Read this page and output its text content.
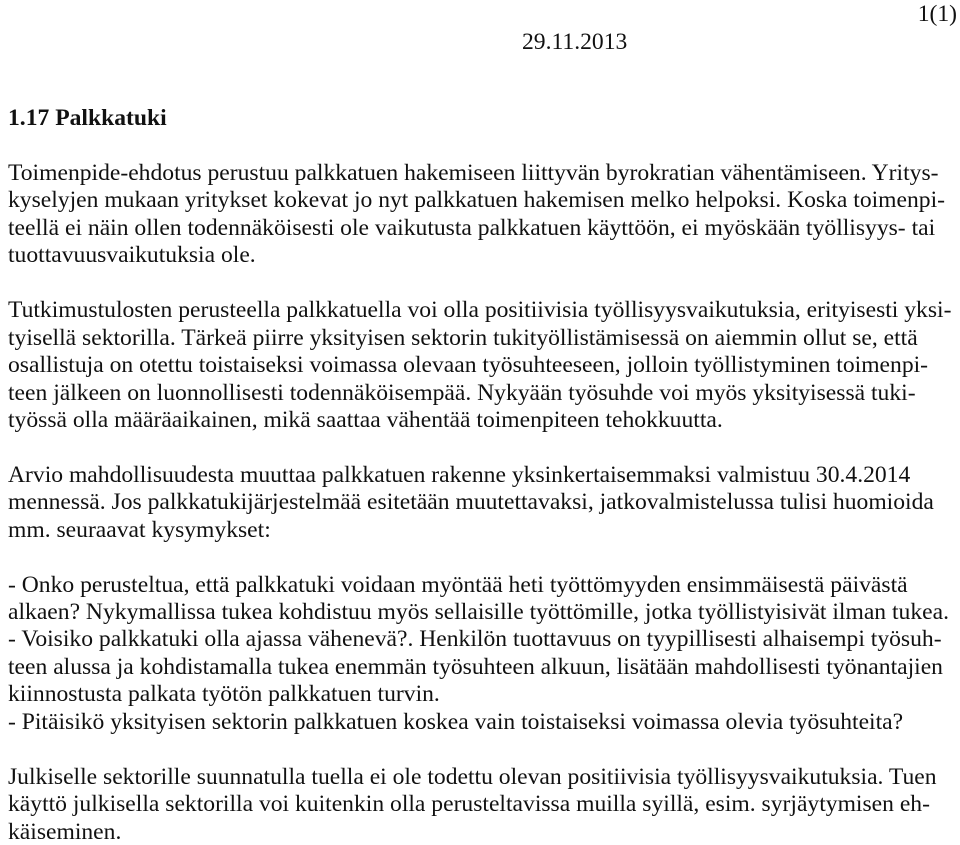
1(1)
29.11.2013
1.17 Palkkatuki
Toimenpide-ehdotus perustuu palkkatuen hakemiseen liittyvän byrokratian vähentämiseen. Yritys-
kyselyjen mukaan yritykset kokevat jo nyt palkkatuen hakemisen melko helpoksi. Koska toimenpi-
teellä ei näin ollen todennäköisesti ole vaikutusta palkkatuen käyttöön, ei myöskään työllisyys- tai
tuottavuusvaikutuksia ole.
Tutkimustulosten perusteella palkkatuella voi olla positiivisia työllisyysvaikutuksia, erityisesti yksi-
tyisellä sektorilla. Tärkeä piirre yksityisen sektorin tukityöllistämisessä on aiemmin ollut se, että
osallistuja on otettu toistaiseksi voimassa olevaan työsuhteeseen, jolloin työllistyminen toimenpi-
teen jälkeen on luonnollisesti todennäköisempää. Nykyään työsuhde voi myös yksityisessä tuki-
työssä olla määräaikainen, mikä saattaa vähentää toimenpiteen tehokkuutta.
Arvio mahdollisuudesta muuttaa palkkatuen rakenne yksinkertaisemmaksi valmistuu 30.4.2014
mennessä. Jos palkkatukijärjestelmää esitetään muutettavaksi, jatkovalmistelussa tulisi huomioida
mm. seuraavat kysymykset:
- Onko perusteltua, että palkkatuki voidaan myöntää heti työttömyyden ensimmäisestä päivästä
alkaen? Nykymallissa tukea kohdistuu myös sellaisille työttömille, jotka työllistyisivät ilman tukea.
- Voisiko palkkatuki olla ajassa vähenevä?. Henkilön tuottavuus on tyypillisesti alhaisempi työsuh-
teen alussa ja kohdistamalla tukea enemmän työsuhteen alkuun, lisätään mahdollisesti työnantajien
kiinnostusta palkata työtön palkkatuen turvin.
- Pitäisikö yksityisen sektorin palkkatuen koskea vain toistaiseksi voimassa olevia työsuhteita?
Julkiselle sektorille suunnatulla tuella ei ole todettu olevan positiivisia työllisyysvaikutuksia. Tuen
käyttö julkisella sektorilla voi kuitenkin olla perusteltavissa muilla syillä, esim. syrjäytymisen eh-
käiseminen.
